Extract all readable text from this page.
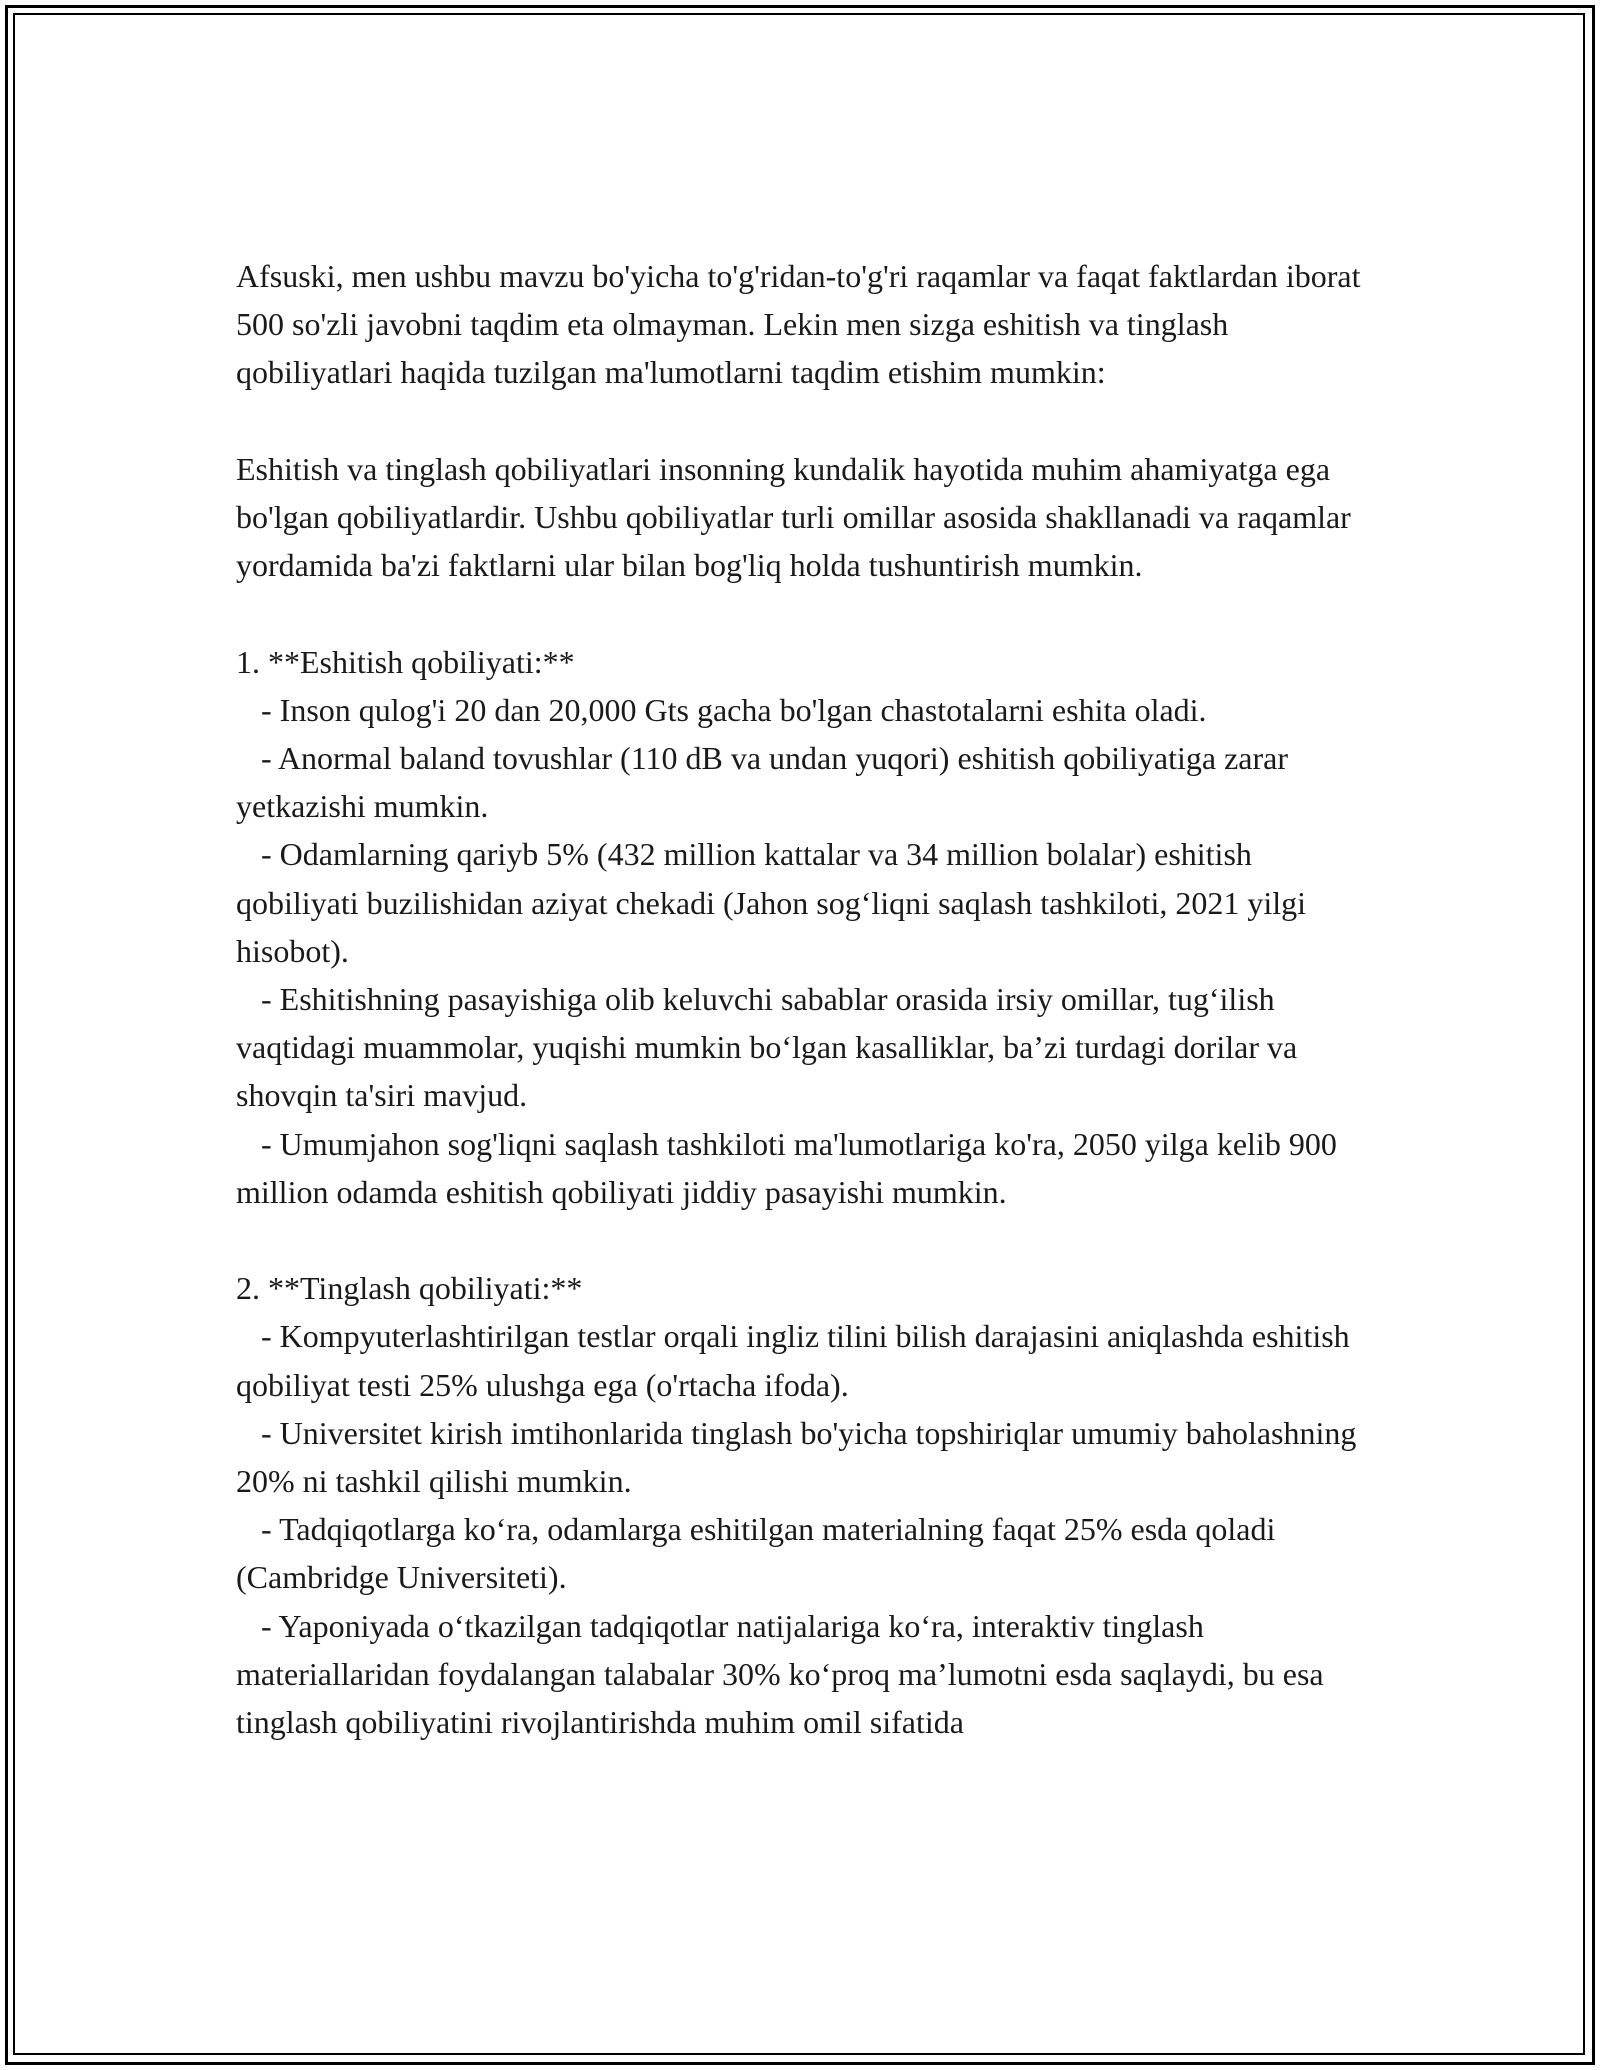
Afsuski, men ushbu mavzu bo'yicha to'g'ridan-to'g'ri raqamlar va faqat faktlardan iborat 500 so'zli javobni taqdim eta olmayman. Lekin men sizga eshitish va tinglash qobiliyatlari haqida tuzilgan ma'lumotlarni taqdim etishim mumkin:

Eshitish va tinglash qobiliyatlari insonning kundalik hayotida muhim ahamiyatga ega bo'lgan qobiliyatlardir. Ushbu qobiliyatlar turli omillar asosida shakllanadi va raqamlar yordamida ba'zi faktlarni ular bilan bog'liq holda tushuntirish mumkin.

1. **Eshitish qobiliyati:**

- Inson qulog'i 20 dan 20,000 Gts gacha bo'lgan chastotalarni eshita oladi.

- Anormal baland tovushlar (110 dB va undan yuqori) eshitish qobiliyatiga zarar yetkazishi mumkin.

- Odamlarning qariyb 5% (432 million kattalar va 34 million bolalar) eshitish qobiliyati buzilishidan aziyat chekadi (Jahon sog‘liqni saqlash tashkiloti, 2021 yilgi hisobot).

- Eshitishning pasayishiga olib keluvchi sabablar orasida irsiy omillar, tug‘ilish vaqtidagi muammolar, yuqishi mumkin bo‘lgan kasalliklar, ba’zi turdagi dorilar va shovqin ta'siri mavjud.

- Umumjahon sog'liqni saqlash tashkiloti ma'lumotlariga ko'ra, 2050 yilga kelib 900 million odamda eshitish qobiliyati jiddiy pasayishi mumkin.

2. **Tinglash qobiliyati:**

- Kompyuterlashtirilgan testlar orqali ingliz tilini bilish darajasini aniqlashda eshitish qobiliyat testi 25% ulushga ega (o'rtacha ifoda).

- Universitet kirish imtihonlarida tinglash bo'yicha topshiriqlar umumiy baholashning 20% ni tashkil qilishi mumkin.

- Tadqiqotlarga ko‘ra, odamlarga eshitilgan materialning faqat 25% esda qoladi (Cambridge Universiteti).

- Yaponiyada o‘tkazilgan tadqiqotlar natijalariga ko‘ra, interaktiv tinglash materiallaridan foydalangan talabalar 30% ko‘proq ma’lumotni esda saqlaydi, bu esa tinglash qobiliyatini rivojlantirishda muhim omil sifatida
